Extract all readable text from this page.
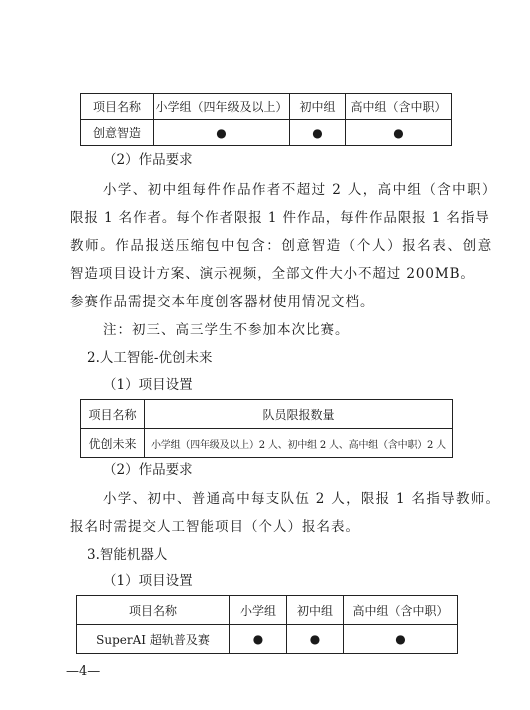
项目名称	小学组（四年级及以上）	初中组	高中组（含中职）
创意智造	●	●	●
（2）作品要求
小学、初中组每件作品作者不超过 2 人，高中组（含中职）
限报 1 名作者。每个作者限报 1 件作品，每件作品限报 1 名指导
教师。作品报送压缩包中包含：创意智造（个人）报名表、创意
智造项目设计方案、演示视频，全部文件大小不超过 200MB。
参赛作品需提交本年度创客器材使用情况文档。
注：初三、高三学生不参加本次比赛。
2.人工智能-优创未来
（1）项目设置
项目名称	队员限报数量
优创未来	小学组（四年级及以上）2 人、初中组 2 人、高中组（含中职）2 人
（2）作品要求
小学、初中、普通高中每支队伍 2 人，限报 1 名指导教师。
报名时需提交人工智能项目（个人）报名表。
3.智能机器人
（1）项目设置
项目名称	小学组	初中组	高中组（含中职）
SuperAI 超轨普及赛	●	●	●
—4—
